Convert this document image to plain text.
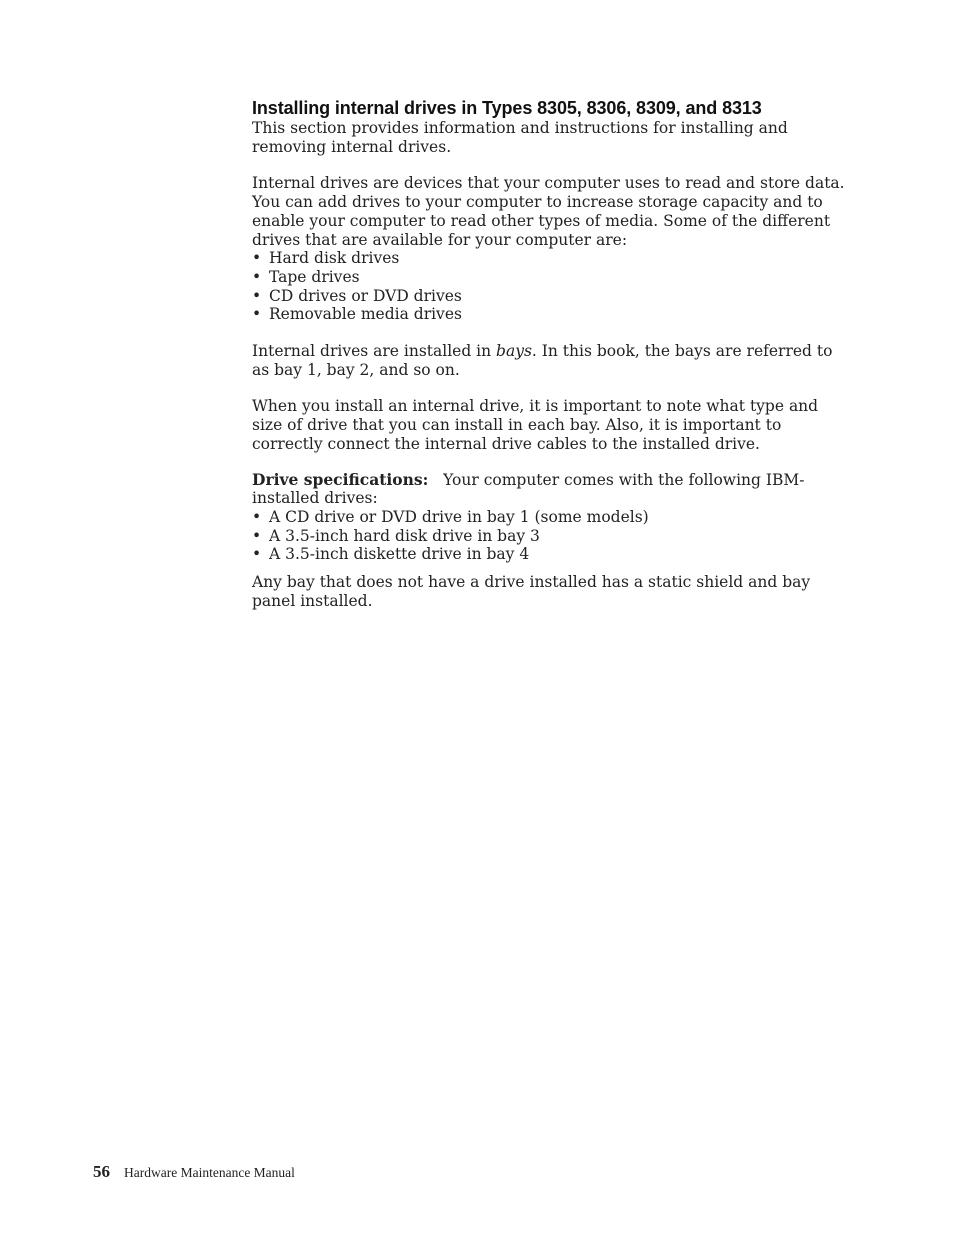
Installing internal drives in Types 8305, 8306, 8309, and 8313

This section provides information and instructions for installing and removing internal drives.

Internal drives are devices that your computer uses to read and store data. You can add drives to your computer to increase storage capacity and to enable your computer to read other types of media. Some of the different drives that are available for your computer are:

• Hard disk drives
• Tape drives
• CD drives or DVD drives
• Removable media drives

Internal drives are installed in bays. In this book, the bays are referred to as bay 1, bay 2, and so on.

When you install an internal drive, it is important to note what type and size of drive that you can install in each bay. Also, it is important to correctly connect the internal drive cables to the installed drive.

Drive specifications: Your computer comes with the following IBM-installed drives:

• A CD drive or DVD drive in bay 1 (some models)
• A 3.5-inch hard disk drive in bay 3
• A 3.5-inch diskette drive in bay 4

Any bay that does not have a drive installed has a static shield and bay panel installed.

56 Hardware Maintenance Manual
